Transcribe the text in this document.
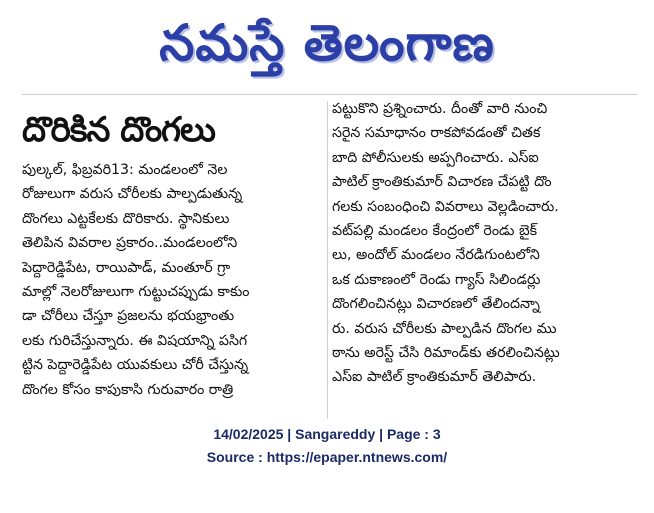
నమస్తే తెలంగాణ
దొరికిన దొంగలు
పుల్కల్, ఫిబ్రవరి13: మండలంలో నెల
రోజులుగా వరుస చోరీలకు పాల్పడుతున్న
దొంగలు ఎట్టకేలకు దొరికారు. స్థానికులు
తెలిపిన వివరాల ప్రకారం..మండలంలోని
పెద్దారెడ్డిపేట, రాయిపాడ్, మంతూర్ గ్రా
మాల్లో నెలరోజులుగా గుట్టుచప్పుడు కాకుం
డా చోరీలు చేస్తూ ప్రజలను భయభ్రాంతు
లకు గురిచేస్తున్నారు. ఈ విషయాన్ని పసిగ
ట్టిన పెద్దారెడ్డిపేట యువకులు చోరీ చేస్తున్న
దొంగల కోసం కాపుకాసి గురువారం రాత్రి
పట్టుకొని ప్రశ్నించారు. దీంతో వారి నుంచి
సరైన సమాధానం రాకపోవడంతో చితక
బాది పోలీసులకు అప్పగించారు. ఎస్ఐ
పాటిల్ క్రాంతికుమార్ విచారణ చేపట్టి దొం
గలకు సంబంధించి వివరాలు వెల్లడించారు.
వట్‌పల్లి మండలం కేంద్రంలో రెండు బైక్
లు, అందోల్ మండలం నేరడిగుంటలోని
ఒక దుకాణంలో రెండు గ్యాస్ సిలిండర్లు
దొంగలించినట్లు విచారణలో తేలిందన్నా
రు. వరుస చోరీలకు పాల్పడిన దొంగల ము
ఠాను అరెస్ట్ చేసి రిమాండ్‌కు తరలించినట్లు
ఎస్ఐ పాటిల్ క్రాంతికుమార్ తెలిపారు.
14/02/2025 | Sangareddy | Page : 3
Source : https://epaper.ntnews.com/
